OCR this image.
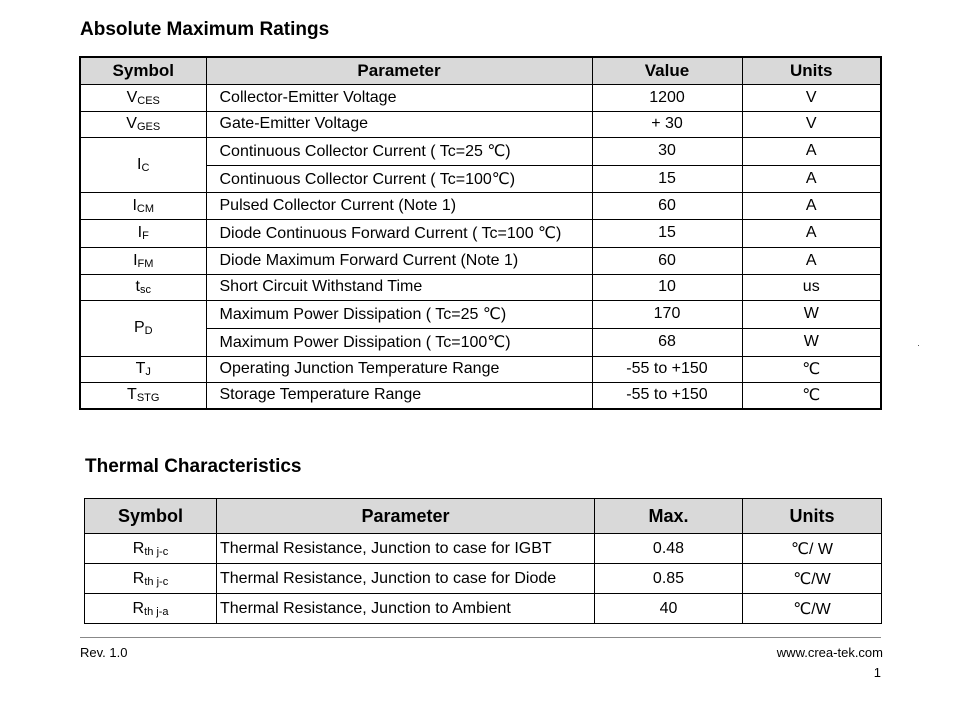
Absolute Maximum Ratings
Symbol	Parameter	Value	Units
$V_{CES}$	Collector-Emitter Voltage	1200	V
$V_{GES}$	Gate-Emitter Voltage	+ 30	V
$I_C$	Continuous Collector Current ( Tc=25 ℃)	30	A
	Continuous Collector Current ( Tc=100℃)	15	A
$I_{CM}$	Pulsed Collector Current (Note 1)	60	A
$I_F$	Diode Continuous Forward Current ( Tc=100 ℃)	15	A
$I_{FM}$	Diode Maximum Forward Current (Note 1)	60	A
$t_{sc}$	Short Circuit Withstand Time	10	us
$P_D$	Maximum Power Dissipation ( Tc=25 ℃)	170	W
	Maximum Power Dissipation ( Tc=100℃)	68	W
$T_J$	Operating Junction Temperature Range	-55 to +150	℃
$T_{STG}$	Storage Temperature Range	-55 to +150	℃
Thermal Characteristics
Symbol	Parameter	Max.	Units
$R_{th j-c}$	Thermal Resistance, Junction to case for IGBT	0.48	℃/ W
$R_{th j-c}$	Thermal Resistance, Junction to case for Diode	0.85	℃/W
$R_{th j-a}$	Thermal Resistance, Junction to Ambient	40	℃/W
Rev. 1.0	www.crea-tek.com
1
